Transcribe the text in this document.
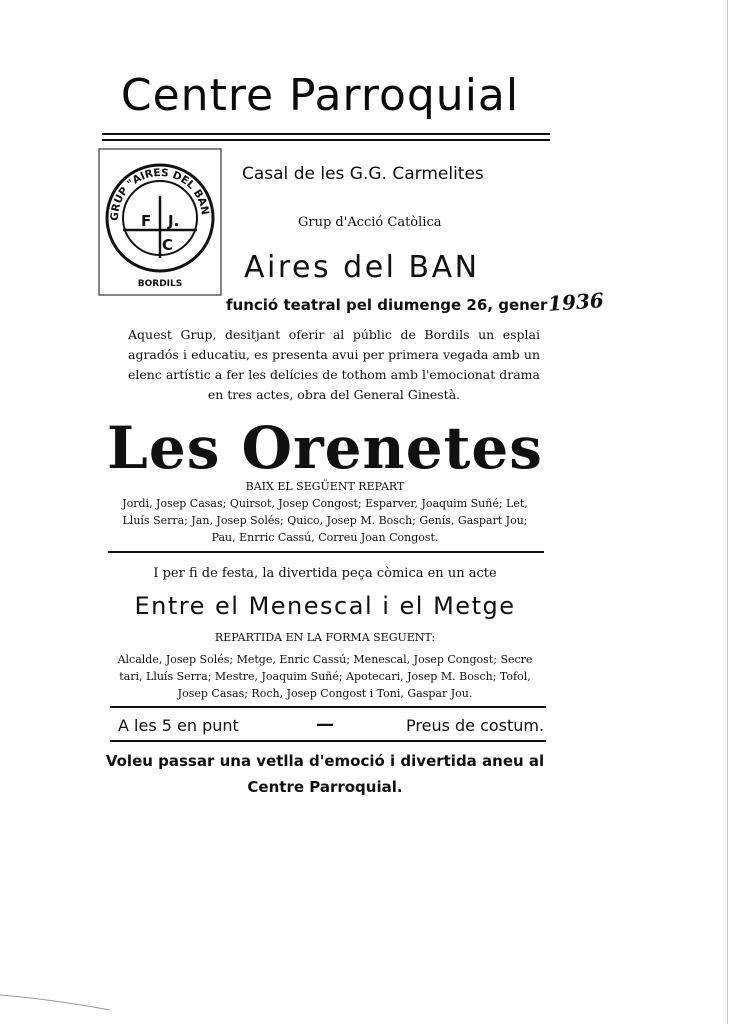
Centre Parroquial
GRUP "AIRES DEL BAN
F J.
C
BORDILS
Casal de les G.G. Carmelites
Grup d'Acció Catòlica
Aires del BAN
funció teatral pel diumenge 26, gener 1936
Aquest Grup, desitjant oferir al públic de Bordils un esplai agradós i educatiu, es presenta avui per primera vegada amb un elenc artístic a fer les delícies de tothom amb l'emocionat drama en tres actes, obra del General Ginestà.
Les Orenetes
BAIX EL SEGÜENT REPART
Jordi, Josep Casas; Quirsot, Josep Congost; Esparver, Joaquim Suñé; Let,
Lluís Serra; Jan, Josep Solés; Quico, Josep M. Bosch; Genís, Gaspart Jou;
Pau, Enrric Cassú, Correu Joan Congost.
I per fi de festa, la divertida peça còmica en un acte
Entre el Menescal i el Metge
REPARTIDA EN LA FORMA SEGUENT:
Alcalde, Josep Solés; Metge, Enric Cassú; Menescal, Josep Congost; Secre
tari, Lluís Serra; Mestre, Joaquim Suñé; Apotecari, Josep M. Bosch; Tofol,
Josep Casas; Roch, Josep Congost i Toni, Gaspar Jou.
A les 5 en punt	—	Preus de costum.
Voleu passar una vetlla d'emoció i divertida aneu al
Centre Parroquial.
